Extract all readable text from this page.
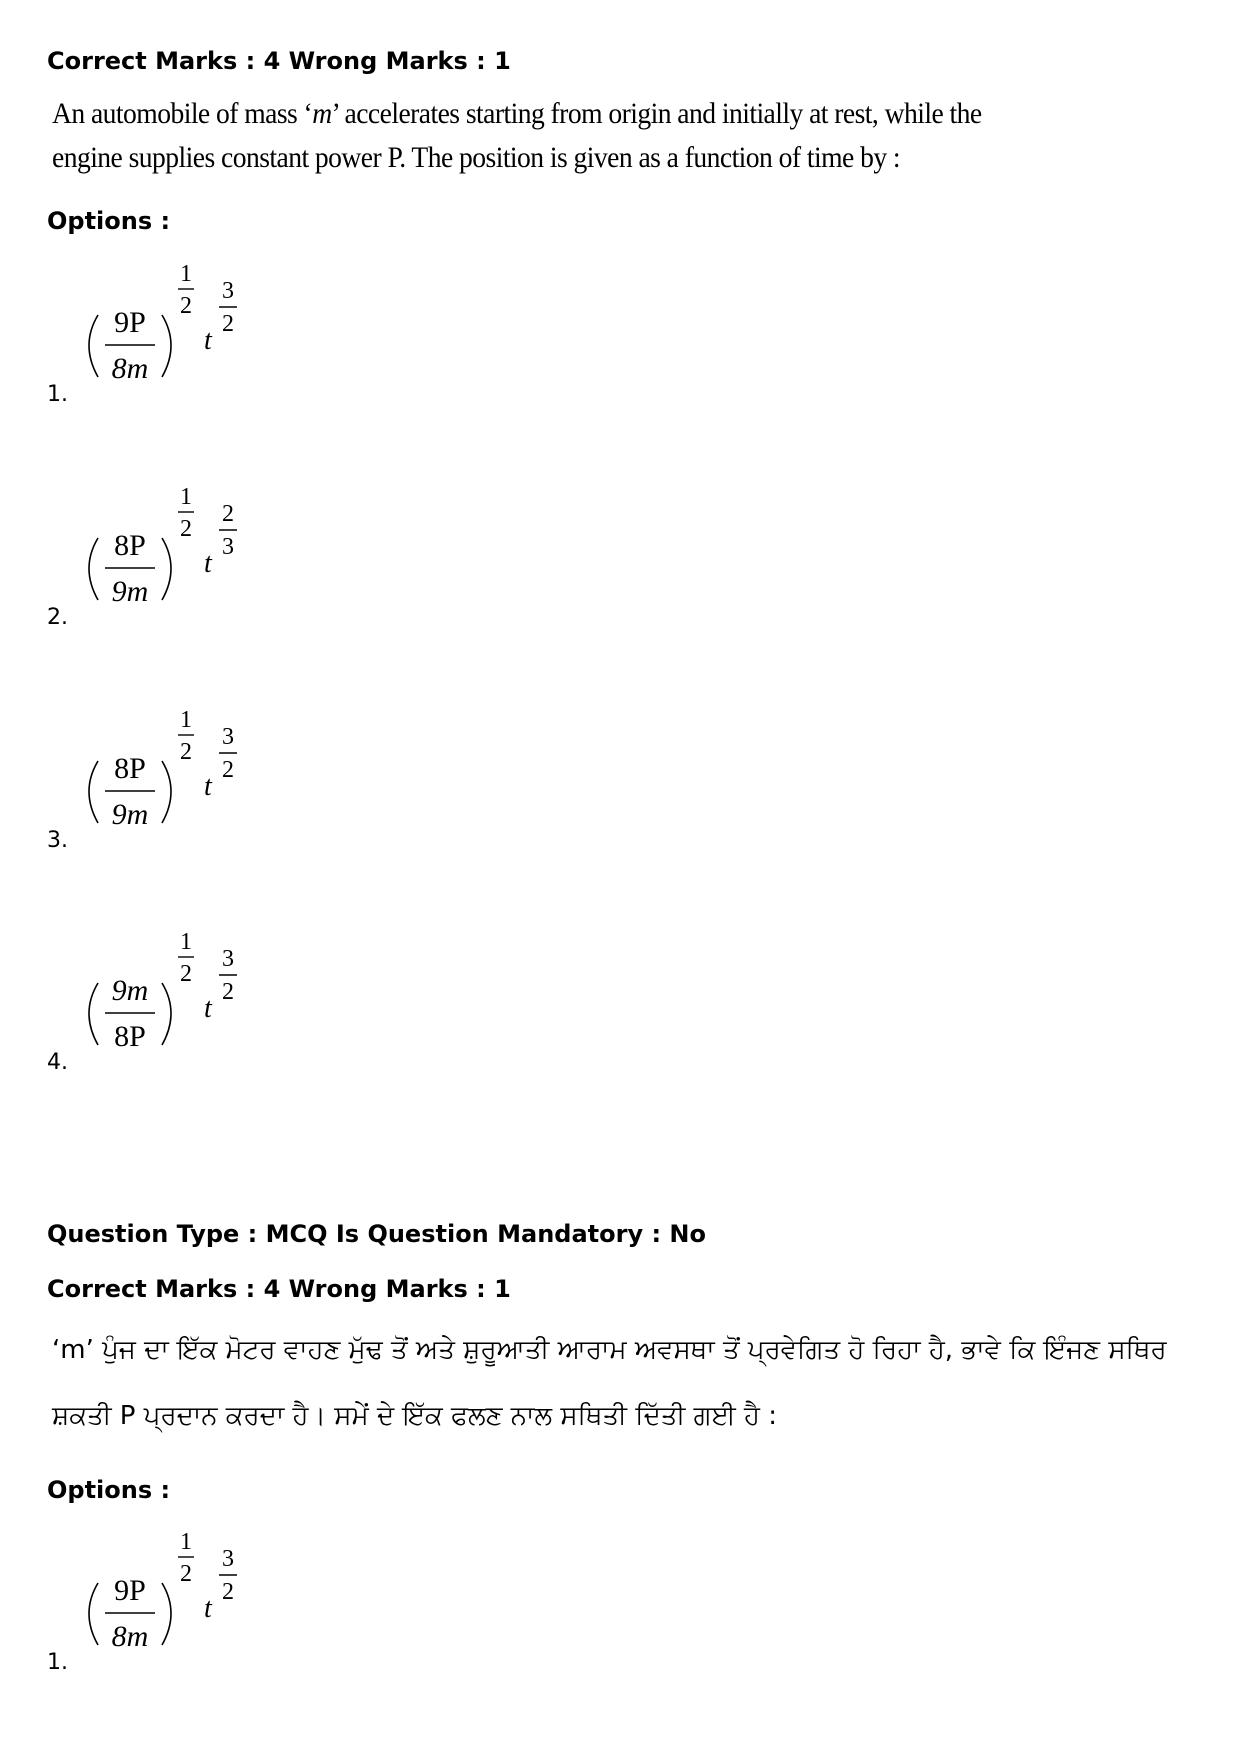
Correct Marks : 4 Wrong Marks : 1
An automobile of mass ‘m’ accelerates starting from origin and initially at rest, while the
engine supplies constant power P. The position is given as a function of time by :
Options :
1.
9P
8m
1
2
t
3
2
2.
8P
9m
1
2
t
2
3
3.
8P
9m
1
2
t
3
2
4.
9m
8P
1
2
t
3
2
Question Type : MCQ Is Question Mandatory : No
Correct Marks : 4 Wrong Marks : 1
‘m’ ਪੁੰਜ ਦਾ ਇੱਕ ਮੋਟਰ ਵਾਹਣ ਮੁੱਢ ਤੋਂ ਅਤੇ ਸ਼ੁਰੂਆਤੀ ਆਰਾਮ ਅਵਸਥਾ ਤੋਂ ਪ੍ਰਵੇਗਿਤ ਹੋ ਰਿਹਾ ਹੈ, ਭਾਵੇ ਕਿ ਇੰਜਣ ਸਥਿਰ
ਸ਼ਕਤੀ P ਪ੍ਰਦਾਨ ਕਰਦਾ ਹੈ। ਸਮੇਂ ਦੇ ਇੱਕ ਫਲਣ ਨਾਲ ਸਥਿਤੀ ਦਿੱਤੀ ਗਈ ਹੈ :
Options :
1.
9P
8m
1
2
t
3
2
